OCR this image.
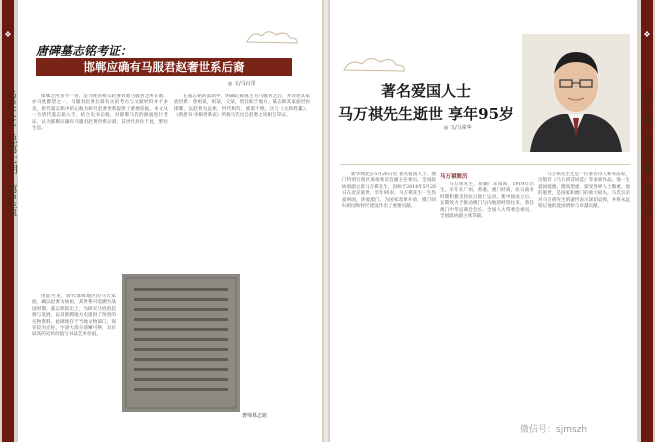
❖	❖
马史文化
总第七期
第56页
历史人物
总第七期
第57页
唐碑墓志铭考证：
邯郸应确有马服君赵奢世系后裔
◎ 文/马百里

邯郸之所管今一带，是马姓的祖宗赵奢封地马服君之所在地，亦马姓郡望之一。马服君赵奢后裔有关的考古与文献材料并不多见，唐代墓志铭中的记载为研究赵奢世系提供了重要依据。本文从一方唐代墓志铭入手，结合史书记载，对邯郸马氏的源流进行考证，认为邯郸应确有马服君赵奢世系后裔，其世代居住于此，繁衍生息。

在墓志铭的落款中，明确记载墓主为马服君之后，并详述其家族世系：曾祖某，祖某，父某，皆任职于地方。墓志称其家族世居邯郸，以赵奢为远祖，世代相传，族谱不绝。这与《元和姓纂》、《新唐书·宰相世系表》所载马氏出自赵奢之说相互印证。

由此可见，唐代邯郸地区的马氏家族，确以赵奢为始祖，其世系可追溯至战国时期。墓志铭的出土，为研究马姓的起源与发展，以及邯郸地方史提供了珍贵的实物资料。此碑现存于当地文物部门，保存较为完好，字迹大部分清晰可辨，具有较高的史料价值与书法艺术价值。

奢师墓志铭
著名爱国人士
马万祺先生逝世 享年95岁
◎ 文/马荣华

新华网北京5月26日电 著名爱国人士、澳门特别行政区筹备委员会副主任委员、全国政协原副主席马万祺先生，因病于2014年5月26日在北京逝世，享年95岁。马万祺先生一生热爱祖国，热爱澳门，为国家改革开放、澳门回归祖国和特区建设作出了重要贡献。

马万祺简历

马万祺先生，原籍广东南海，1919年出生。早年在广州、香港、澳门经商，抗日战争时期积极支持抗日救亡运动。新中国成立后，长期致力于推动澳门与内地的经贸往来，曾任澳门中华总商会会长、全国人大常委会委员、全国政协副主席等职。

马万祺先生还是一位著名诗人和书法家，出版有《马万祺诗词选》等多部作品。他一生爱国爱澳，德高望重，深受各界人士敬重。他的逝世，是国家和澳门的重大损失。马氏宗亲对马万祺先生的逝世表示深切哀悼，并将永远铭记他的爱国情怀与卓越贡献。

微信号：sjmszh
